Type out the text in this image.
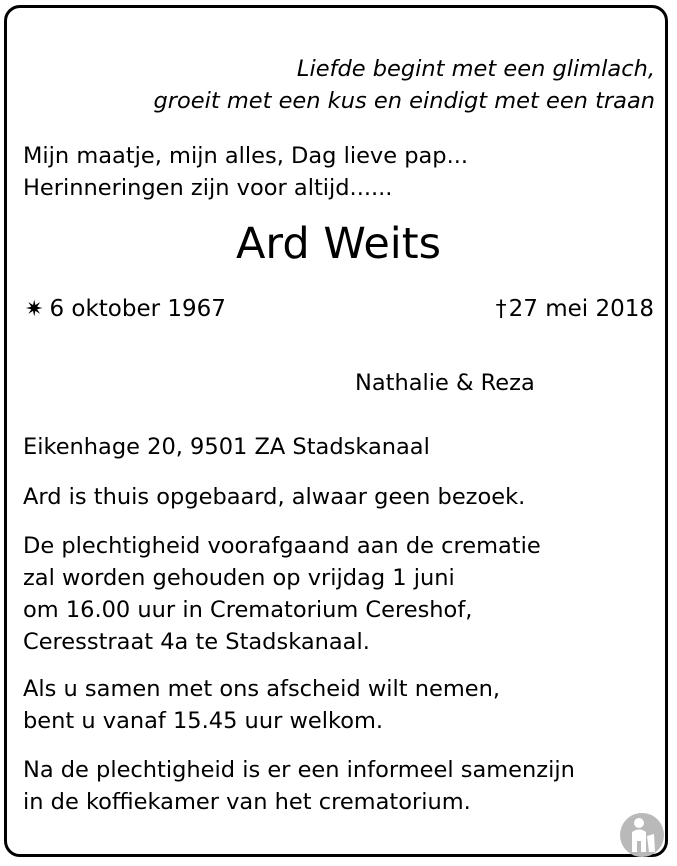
Liefde begint met een glimlach,
groeit met een kus en eindigt met een traan
Mijn maatje, mijn alles, Dag lieve pap...
Herinneringen zijn voor altijd......
Ard Weits
✷ 6 oktober 1967	†27 mei 2018
Nathalie & Reza
Eikenhage 20, 9501 ZA Stadskanaal
Ard is thuis opgebaard, alwaar geen bezoek.
De plechtigheid voorafgaand aan de crematie
zal worden gehouden op vrijdag 1 juni
om 16.00 uur in Crematorium Cereshof,
Ceresstraat 4a te Stadskanaal.
Als u samen met ons afscheid wilt nemen,
bent u vanaf 15.45 uur welkom.
Na de plechtigheid is er een informeel samenzijn
in de koffiekamer van het crematorium.
